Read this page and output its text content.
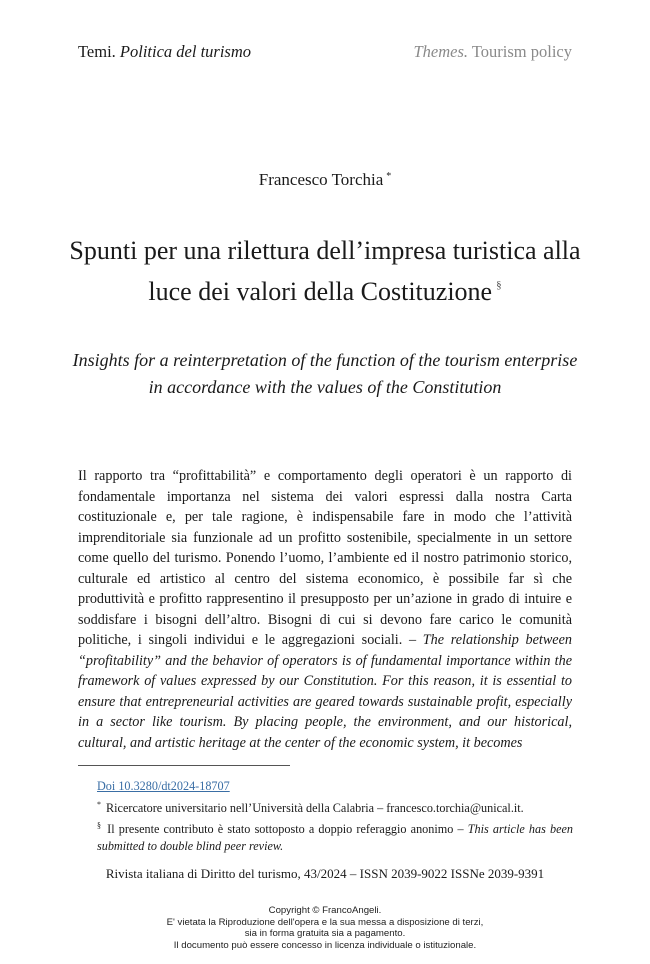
Temi. Politica del turismo	Themes. Tourism policy
Francesco Torchia *
Spunti per una rilettura dell’impresa turistica alla luce dei valori della Costituzione §
Insights for a reinterpretation of the function of the tourism enterprise in accordance with the values of the Constitution
Il rapporto tra “profittabilità” e comportamento degli operatori è un rapporto di fondamentale importanza nel sistema dei valori espressi dalla nostra Carta costituzionale e, per tale ragione, è indispensabile fare in modo che l’attività imprenditoriale sia funzionale ad un profitto sostenibile, specialmente in un settore come quello del turismo. Ponendo l’uomo, l’ambiente ed il nostro patrimonio storico, culturale ed artistico al centro del sistema economico, è possibile far sì che produttività e profitto rappresentino il presupposto per un’azione in grado di intuire e soddisfare i bisogni dell’altro. Bisogni di cui si devono fare carico le comunità politiche, i singoli individui e le aggregazioni sociali. – The relationship between “profitability” and the behavior of operators is of fundamental importance within the framework of values expressed by our Constitution. For this reason, it is essential to ensure that entrepreneurial activities are geared towards sustainable profit, especially in a sector like tourism. By placing people, the environment, and our historical, cultural, and artistic heritage at the center of the economic system, it becomes
Doi 10.3280/dt2024-18707
* Ricercatore universitario nell’Università della Calabria – francesco.torchia@unical.it.
§ Il presente contributo è stato sottoposto a doppio referaggio anonimo – This article has been submitted to double blind peer review.
Rivista italiana di Diritto del turismo, 43/2024 – ISSN 2039-9022 ISSNe 2039-9391
Copyright © FrancoAngeli.
E' vietata la Riproduzione dell'opera e la sua messa a disposizione di terzi,
sia in forma gratuita sia a pagamento.
Il documento può essere concesso in licenza individuale o istituzionale.
